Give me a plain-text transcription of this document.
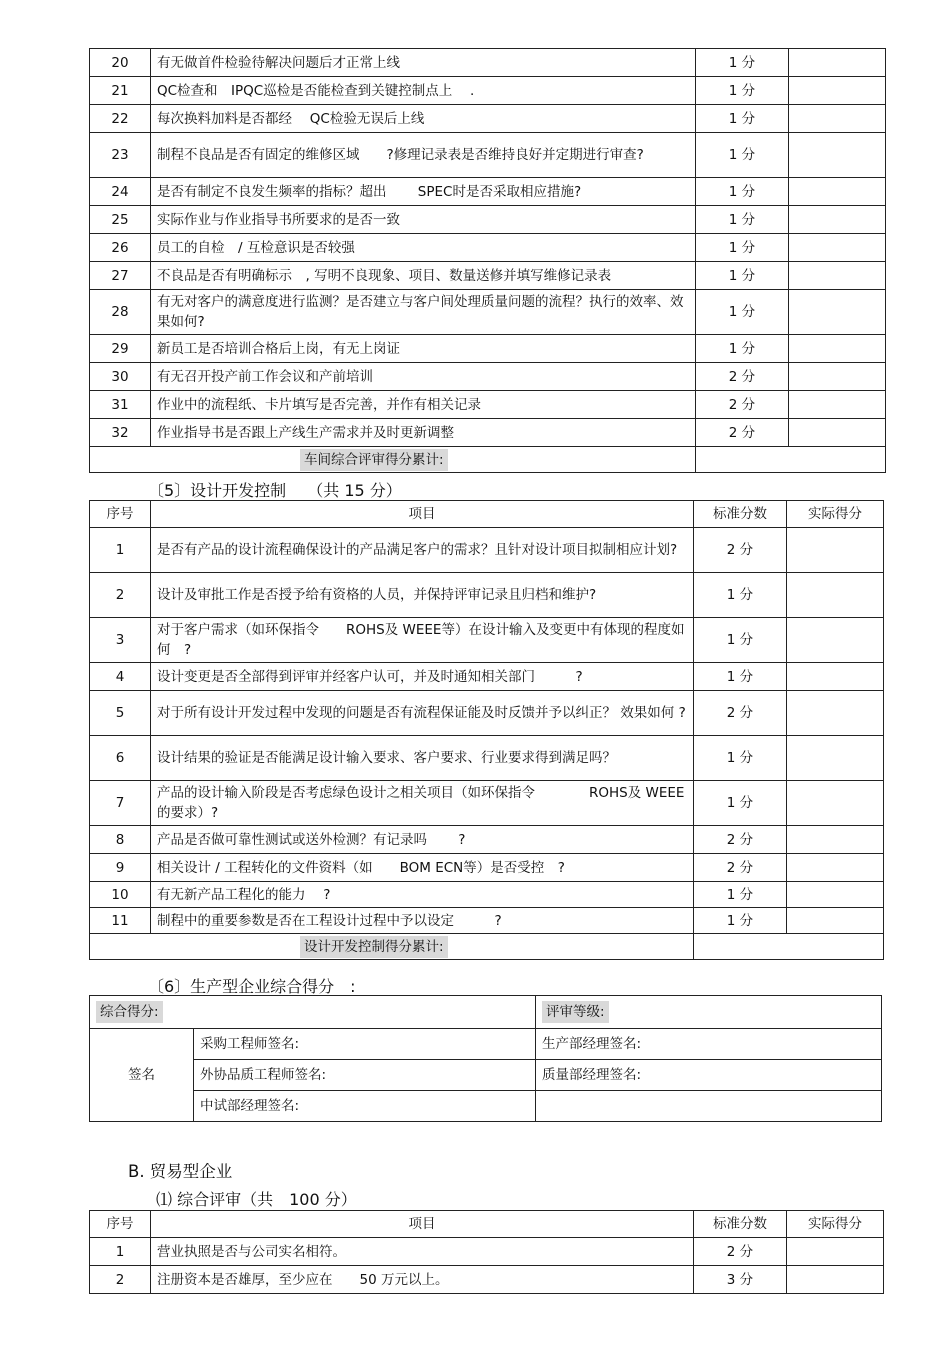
20	有无做首件检验待解决问题后才正常上线	1 分	
21	QC检查和　IPQC巡检是否能检查到关键控制点上　 .	1 分	
22	每次换料加料是否都经　 QC检验无误后上线	1 分	
23	制程不良品是否有固定的维修区域　　?修理记录表是否维持良好并定期进行审查?	1 分	
24	是否有制定不良发生频率的指标？超出　　 SPEC时是否采取相应措施?	1 分	
25	实际作业与作业指导书所要求的是否一致	1 分	
26	员工的自检　/ 互检意识是否较强	1 分	
27	不良品是否有明确标示　, 写明不良现象、项目、数量送修并填写维修记录表	1 分	
28	有无对客户的满意度进行监测？是否建立与客户间处理质量问题的流程？执行的效率、效果如何?	1 分	
29	新员工是否培训合格后上岗，有无上岗证	1 分	
30	有无召开投产前工作会议和产前培训	2 分	
31	作业中的流程纸、卡片填写是否完善，并作有相关记录	2 分	
32	作业指导书是否跟上产线生产需求并及时更新调整	2 分	
车间综合评审得分累计:			
〔5〕设计开发控制　 （共 15 分）
序号	项目	标准分数	实际得分
1	是否有产品的设计流程确保设计的产品满足客户的需求？且针对设计项目拟制相应计划?	2 分	
2	设计及审批工作是否授予给有资格的人员，并保持评审记录且归档和维护?	1 分	
3	对于客户需求（如环保指令　　ROHS及 WEEE等）在设计输入及变更中有体现的程度如何　?	1 分	
4	设计变更是否全部得到评审并经客户认可，并及时通知相关部门　　　?	1 分	
5	对于所有设计开发过程中发现的问题是否有流程保证能及时反馈并予以纠正？ 效果如何 ?	2 分	
6	设计结果的验证是否能满足设计输入要求、客户要求、行业要求得到满足吗？	1 分	
7	产品的设计输入阶段是否考虑绿色设计之相关项目（如环保指令　　　　ROHS及 WEEE的要求）?	1 分	
8	产品是否做可靠性测试或送外检测？有记录吗　　 ?	2 分	
9	相关设计 / 工程转化的文件资料（如　　BOM ECN等）是否受控　?	2 分	
10	有无新产品工程化的能力　 ?	1 分	
11	制程中的重要参数是否在工程设计过程中予以设定　　　?	1 分	
设计开发控制得分累计:			
〔6〕生产型企业综合得分　:
综合得分:		评审等级:
签名	采购工程师签名:	生产部经理签名:
	外协品质工程师签名:	质量部经理签名:
	中试部经理签名:	
B. 贸易型企业
⑴ 综合评审（共　100 分）
序号	项目	标准分数	实际得分
1	营业执照是否与公司实名相符。	2 分	
2	注册资本是否雄厚，至少应在　　50 万元以上。	3 分	
